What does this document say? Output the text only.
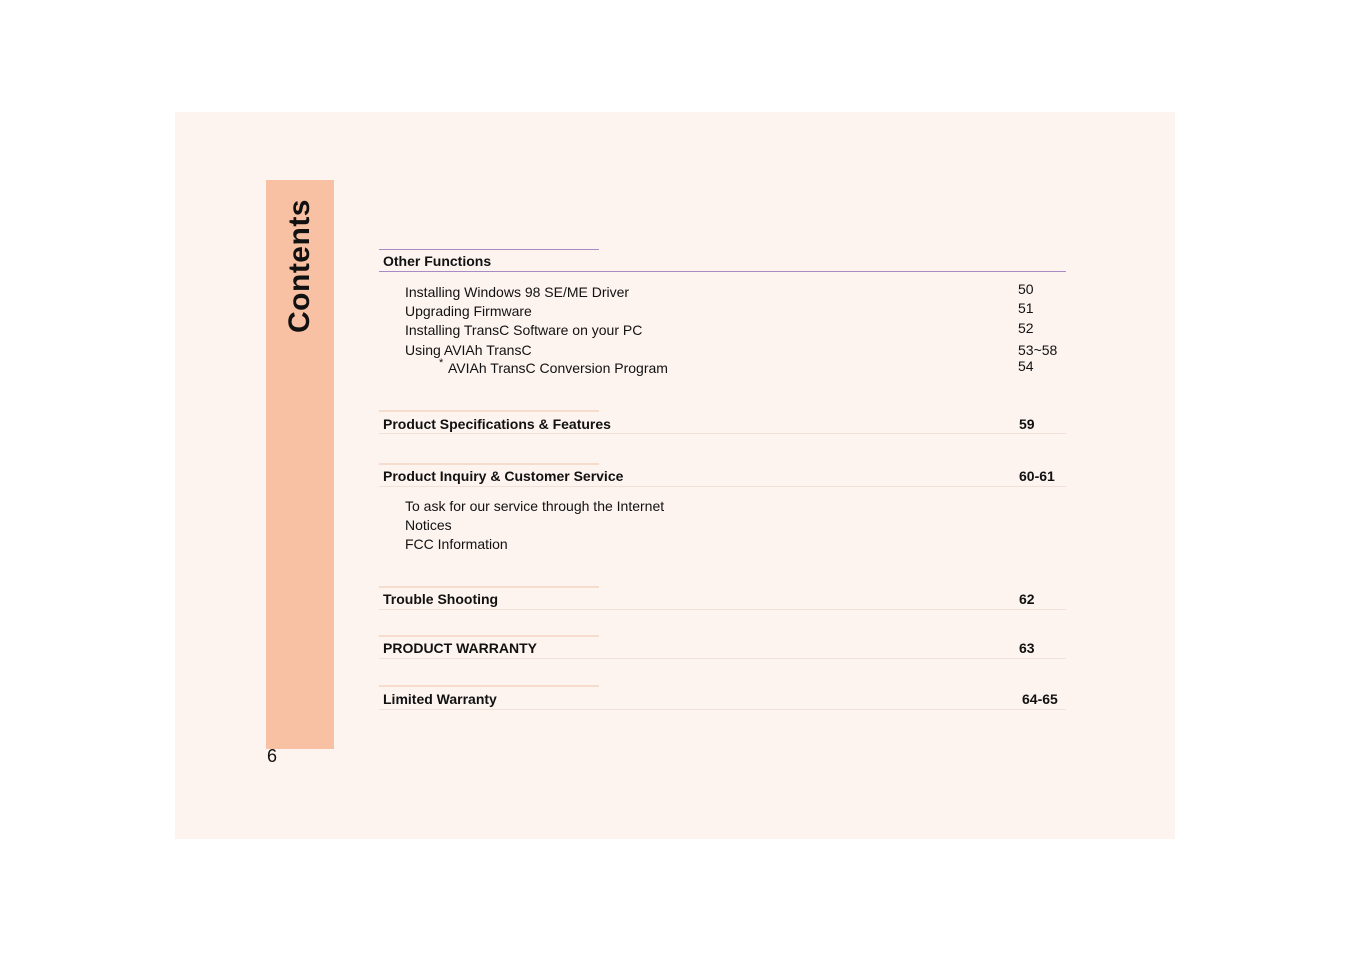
Contents
6
Other Functions
Installing Windows 98 SE/ME Driver	50
Upgrading Firmware	51
Installing TransC Software on your PC	52
Using AVIAh TransC	53~58
* AVIAh TransC Conversion Program	54
Product Specifications & Features	59
Product Inquiry & Customer Service	60-61
To ask for our service through the Internet
Notices
FCC Information
Trouble Shooting	62
PRODUCT WARRANTY	63
Limited Warranty	64-65
